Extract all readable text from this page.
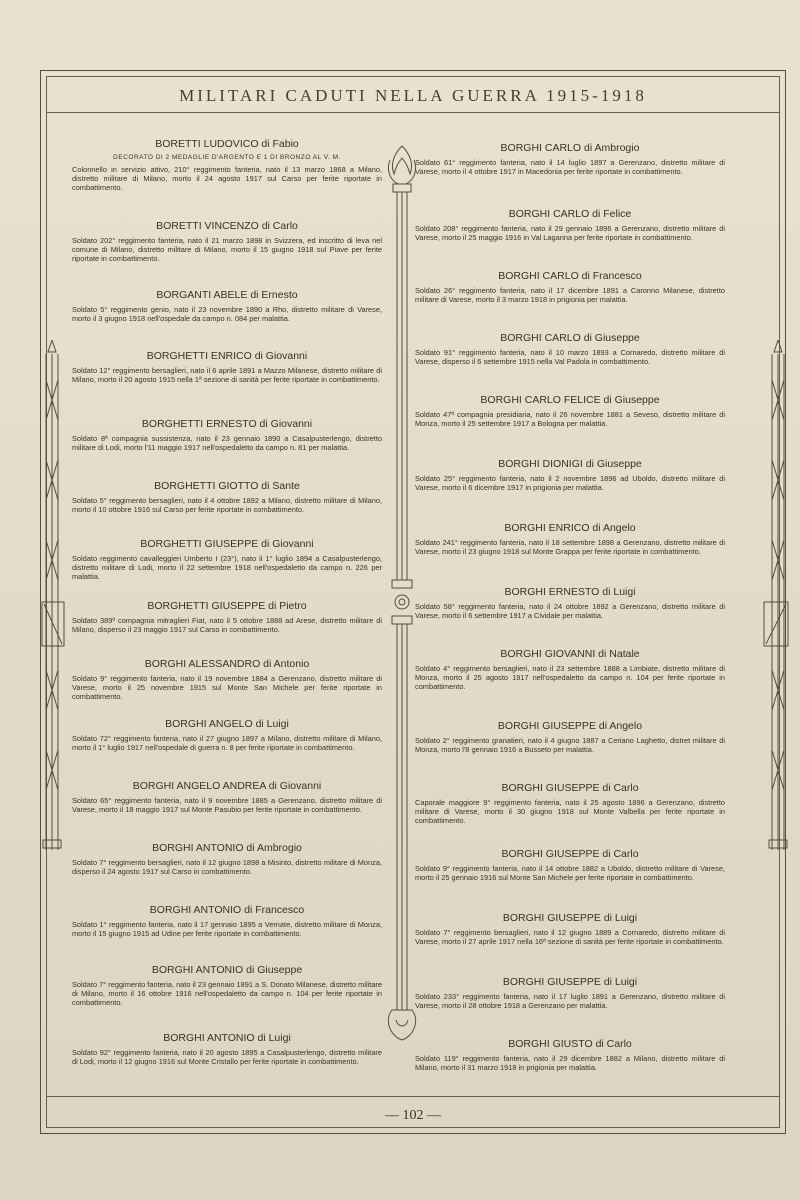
MILITARI CADUTI NELLA GUERRA 1915-1918
BORETTI LUDOVICO di Fabio
DECORATO DI 2 MEDAGLIE D'ARGENTO E 1 DI BRONZO AL V. M.
Colonnello in servizio attivo, 210° reggimento fanteria, nato il 13 marzo 1868 a Milano, distretto militare di Milano, morto il 24 agosto 1917 sul Carso per ferite riportate in combattimento.
BORETTI VINCENZO di Carlo
Soldato 202° reggimento fanteria, nato il 21 marzo 1898 in Svizzera, ed inscritto di leva nel comune di Milano, distretto militare di Milano, morto il 15 giugno 1918 sul Piave per ferite riportate in combattimento.
BORGANTI ABELE di Ernesto
Soldato 5° reggimento genio, nato il 23 novembre 1890 a Rho, distretto militare di Varese, morto il 3 giugno 1918 nell'ospedale da campo n. 084 per malattia.
BORGHETTI ENRICO di Giovanni
Soldato 12° reggimento bersaglieri, nato il 6 aprile 1891 a Mazzo Milanese, distretto militare di Milano, morto il 20 agosto 1915 nella 1ª sezione di sanità per ferite riportate in combattimento.
BORGHETTI ERNESTO di Giovanni
Soldato 8ª compagnia sussistenza, nato il 23 gennaio 1890 a Casalpusterlengo, distretto militare di Lodi, morto l'11 maggio 1917 nell'ospedaletto da campo n. 81 per malattia.
BORGHETTI GIOTTO di Sante
Soldato 5° reggimento bersaglieri, nato il 4 ottobre 1892 a Milano, distretto militare di Milano, morto il 10 ottobre 1916 sul Carso per ferite riportate in combattimento.
BORGHETTI GIUSEPPE di Giovanni
Soldato reggimento cavalleggieri Umberto I (23°), nato il 1° luglio 1894 a Casalpusterlengo, distretto militare di Lodi, morto il 22 settembre 1918 nell'ospedaletto da campo n. 226 per malattia.
BORGHETTI GIUSEPPE di Pietro
Soldato 389ª compagnia mitraglieri Fiat, nato il 5 ottobre 1888 ad Arese, distretto militare di Milano, disperso il 23 maggio 1917 sul Carso in combattimento.
BORGHI ALESSANDRO di Antonio
Soldato 9° reggimento fanteria, nato il 19 novembre 1884 a Gerenzano, distretto militare di Varese, morto il 25 novembre 1915 sul Monte San Michele per ferite riportate in combattimento.
BORGHI ANGELO di Luigi
Soldato 72° reggimento fanteria, nato il 27 giugno 1897 a Milano, distretto militare di Milano, morto il 1° luglio 1917 nell'ospedale di guerra n. 8 per ferite riportate in combattimento.
BORGHI ANGELO ANDREA di Giovanni
Soldato 65° reggimento fanteria, nato il 9 novembre 1885 a Gerenzano, distretto militare di Varese, morto il 18 maggio 1917 sul Monte Pasubio per ferite riportate in combattimento.
BORGHI ANTONIO di Ambrogio
Soldato 7° reggimento bersaglieri, nato il 12 giugno 1898 a Misinto, distretto militare di Monza, disperso il 24 agosto 1917 sul Carso in combattimento.
BORGHI ANTONIO di Francesco
Soldato 1° reggimento fanteria, nato il 17 gennaio 1895 a Vernate, distretto militare di Monza, morto il 15 giugno 1915 ad Udine per ferite riportate in combattimento.
BORGHI ANTONIO di Giuseppe
Soldato 7° reggimento fanteria, nato il 23 gennaio 1891 a S. Donato Milanese, distretto militare di Milano, morto il 16 ottobre 1916 nell'ospedaletto da campo n. 104 per ferite riportate in combattimento.
BORGHI ANTONIO di Luigi
Soldato 92° reggimento fanteria, nato il 20 agosto 1895 a Casalpusterlengo, distretto militare di Lodi, morto il 12 giugno 1916 sul Monte Cristallo per ferite riportate in combattimento.
BORGHI CARLO di Ambrogio
Soldato 61° reggimento fanteria, nato il 14 luglio 1897 a Gerenzano, distretto militare di Varese, morto il 4 ottobre 1917 in Macedonia per ferite riportate in combattimento.
BORGHI CARLO di Felice
Soldato 208° reggimento fanteria, nato il 29 gennaio 1896 a Gerenzano, distretto militare di Varese, morto il 25 maggio 1916 in Val Lagarina per ferite riportate in combattimento.
BORGHI CARLO di Francesco
Soldato 26° reggimento fanteria, nato il 17 dicembre 1891 a Caronno Milanese, distretto militare di Varese, morto il 3 marzo 1918 in prigionia per malattia.
BORGHI CARLO di Giuseppe
Soldato 91° reggimento fanteria, nato il 10 marzo 1893 a Cornaredo, distretto militare di Varese, disperso il 6 settembre 1915 nella Val Padola in combattimento.
BORGHI CARLO FELICE di Giuseppe
Soldato 47ª compagnia presidiaria, nato il 26 novembre 1881 a Seveso, distretto militare di Monza, morto il 25 settembre 1917 a Bologna per malattia.
BORGHI DIONIGI di Giuseppe
Soldato 25° reggimento fanteria, nato il 2 novembre 1896 ad Uboldo, distretto militare di Varese, morto il 6 dicembre 1917 in prigionia per malattia.
BORGHI ENRICO di Angelo
Soldato 241° reggimento fanteria, nato il 18 settembre 1898 a Gerenzano, distretto militare di Varese, morto il 23 giugno 1918 sul Monte Grappa per ferite riportate in combattimento.
BORGHI ERNESTO di Luigi
Soldato 58° reggimento fanteria, nato il 24 ottobre 1892 a Gerenzano, distretto militare di Varese, morto il 6 settembre 1917 a Cividale per malattia.
BORGHI GIOVANNI di Natale
Soldato 4° reggimento bersaglieri, nato il 23 settembre 1888 a Limbiate, distretto militare di Monza, morto il 25 agosto 1917 nell'ospedaletto da campo n. 104 per ferite riportate in combattimento.
BORGHI GIUSEPPE di Angelo
Soldato 2° reggimento granatieri, nato il 4 giugno 1887 a Ceriano Laghetto, distret militare di Monza, morto l'8 gennaio 1916 a Busseto per malattia.
BORGHI GIUSEPPE di Carlo
Caporale maggiore 9° reggimento fanteria, nato il 25 agosto 1896 a Gerenzano, distretto militare di Varese, morto il 30 giugno 1918 sul Monte Valbella per ferite riportate in combattimento.
BORGHI GIUSEPPE di Carlo
Soldato 9° reggimento fanteria, nato il 14 ottobre 1882 a Uboldo, distretto militare di Varese, morto il 25 gennaio 1916 sul Monte San Michele per ferite riportate in combattimento.
BORGHI GIUSEPPE di Luigi
Soldato 7° reggimento bersaglieri, nato il 12 giugno 1889 a Cornaredo, distretto militare di Varese, morto il 27 aprile 1917 nella 16ª sezione di sanità per ferite riportate in combattimento.
BORGHI GIUSEPPE di Luigi
Soldato 233° reggimento fanteria, nato il 17 luglio 1891 a Gerenzano, distretto militare di Varese, morto il 28 ottobre 1918 a Gerenzano per malattia.
BORGHI GIUSTO di Carlo
Soldato 119° reggimento fanteria, nato il 29 dicembre 1882 a Milano, distretto militare di Milano, morto il 31 marzo 1918 in prigionia per malattia.
— 102 —
